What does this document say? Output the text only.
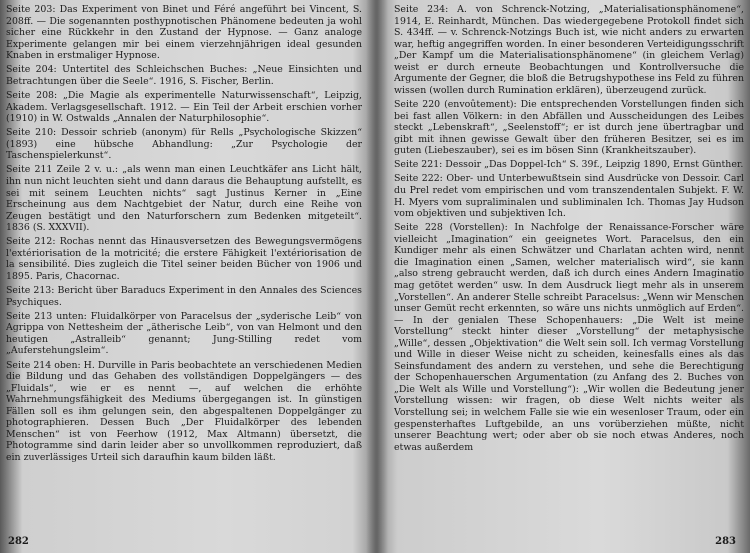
Seite 203: Das Experiment von Binet und Féré angeführt bei Vincent, S. 208ff. — Die sogenannten posthypnotischen Phänomene bedeuten ja wohl sicher eine Rückkehr in den Zustand der Hypnose. — Ganz analoge Experimente gelangen mir bei einem vierzehnjährigen ideal gesunden Knaben in erstmaliger Hypnose.

Seite 204: Untertitel des Schleichschen Buches: „Neue Einsichten und Betrachtungen über die Seele“. 1916, S. Fischer, Berlin.

Seite 208: „Die Magie als experimentelle Naturwissenschaft“, Leipzig, Akadem. Verlagsgesellschaft. 1912. — Ein Teil der Arbeit erschien vorher (1910) in W. Ostwalds „Annalen der Naturphilosophie“.

Seite 210: Dessoir schrieb (anonym) für Rells „Psychologische Skizzen“ (1893) eine hübsche Abhandlung: „Zur Psychologie der Taschenspielerkunst“.

Seite 211 Zeile 2 v. u.: „als wenn man einen Leuchtkäfer ans Licht hält, ihn nun nicht leuchten sieht und dann daraus die Behauptung aufstellt, es sei mit seinem Leuchten nichts“ sagt Justinus Kerner in „Eine Erscheinung aus dem Nachtgebiet der Natur, durch eine Reihe von Zeugen bestätigt und den Naturforschern zum Bedenken mitgeteilt“. 1836 (S. XXXVII).

Seite 212: Rochas nennt das Hinausversetzen des Bewegungsvermögens l'extériorisation de la motricité; die erstere Fähigkeit l'extériorisation de la sensibilité. Dies zugleich die Titel seiner beiden Bücher von 1906 und 1895. Paris, Chacornac.

Seite 213: Bericht über Baraducs Experiment in den Annales des Sciences Psychiques.

Seite 213 unten: Fluidalkörper von Paracelsus der „syderische Leib“ von Agrippa von Nettesheim der „ätherische Leib“, von van Helmont und den heutigen „Astralleib“ genannt; Jung-Stilling redet vom „Auferstehungsleim“.

Seite 214 oben: H. Durville in Paris beobachtete an verschiedenen Medien die Bildung und das Gehaben des vollständigen Doppelgängers — des „Fluidals“, wie er es nennt —, auf welchen die erhöhte Wahrnehmungsfähigkeit des Mediums übergegangen ist. In günstigen Fällen soll es ihm gelungen sein, den abgespaltenen Doppelgänger zu photographieren. Dessen Buch „Der Fluidalkörper des lebenden Menschen“ ist von Feerhow (1912, Max Altmann) übersetzt, die Photogramme sind darin leider aber so unvollkommen reproduziert, daß ein zuverlässiges Urteil sich daraufhin kaum bilden läßt.

282

Seite 234: A. von Schrenck-Notzing, „Materialisationsphänomene“, 1914, E. Reinhardt, München. Das wiedergegebene Protokoll findet sich S. 434ff. — v. Schrenck-Notzings Buch ist, wie nicht anders zu erwarten war, heftig angegriffen worden. In einer besonderen Verteidigungsschrift „Der Kampf um die Materialisationsphänomene“ (in gleichem Verlag) weist er durch erneute Beobachtungen und Kontrollversuche die Argumente der Gegner, die bloß die Betrugshypothese ins Feld zu führen wissen (wollen durch Rumination erklären), überzeugend zurück.

Seite 220 (envoûtement): Die entsprechenden Vorstellungen finden sich bei fast allen Völkern: in den Abfällen und Ausscheidungen des Leibes steckt „Lebenskraft“, „Seelenstoff“; er ist durch jene übertragbar und gibt mit ihnen gewisse Gewalt über den früheren Besitzer, sei es im guten (Liebeszauber), sei es im bösen Sinn (Krankheitszauber).

Seite 221: Dessoir „Das Doppel-Ich“ S. 39f., Leipzig 1890, Ernst Günther.

Seite 222: Ober- und Unterbewußtsein sind Ausdrücke von Dessoir. Carl du Prel redet vom empirischen und vom transzendentalen Subjekt. F. W. H. Myers vom supraliminalen und subliminalen Ich. Thomas Jay Hudson vom objektiven und subjektiven Ich.

Seite 228 (Vorstellen): In Nachfolge der Renaissance-Forscher wäre vielleicht „Imagination“ ein geeignetes Wort. Paracelsus, den ein Kundiger mehr als einen Schwätzer und Charlatan achten wird, nennt die Imagination einen „Samen, welcher materialisch wird“, sie kann „also streng gebraucht werden, daß ich durch eines Andern Imaginatio mag getötet werden“ usw. In dem Ausdruck liegt mehr als in unserem „Vorstellen“. An anderer Stelle schreibt Paracelsus: „Wenn wir Menschen unser Gemüt recht erkennten, so wäre uns nichts unmöglich auf Erden“. — In der genialen These Schopenhauers: „Die Welt ist meine Vorstellung“ steckt hinter dieser „Vorstellung“ der metaphysische „Wille“, dessen „Objektivation“ die Welt sein soll. Ich vermag Vorstellung und Wille in dieser Weise nicht zu scheiden, keinesfalls eines als das Seinsfundament des andern zu verstehen, und sehe die Berechtigung der Schopenhauerschen Argumentation (zu Anfang des 2. Buches von „Die Welt als Wille und Vorstellung“): „Wir wollen die Bedeutung jener Vorstellung wissen: wir fragen, ob diese Welt nichts weiter als Vorstellung sei; in welchem Falle sie wie ein wesenloser Traum, oder ein gespensterhaftes Luftgebilde, an uns vorüberziehen müßte, nicht unserer Beachtung wert; oder aber ob sie noch etwas Anderes, noch etwas außerdem

283
